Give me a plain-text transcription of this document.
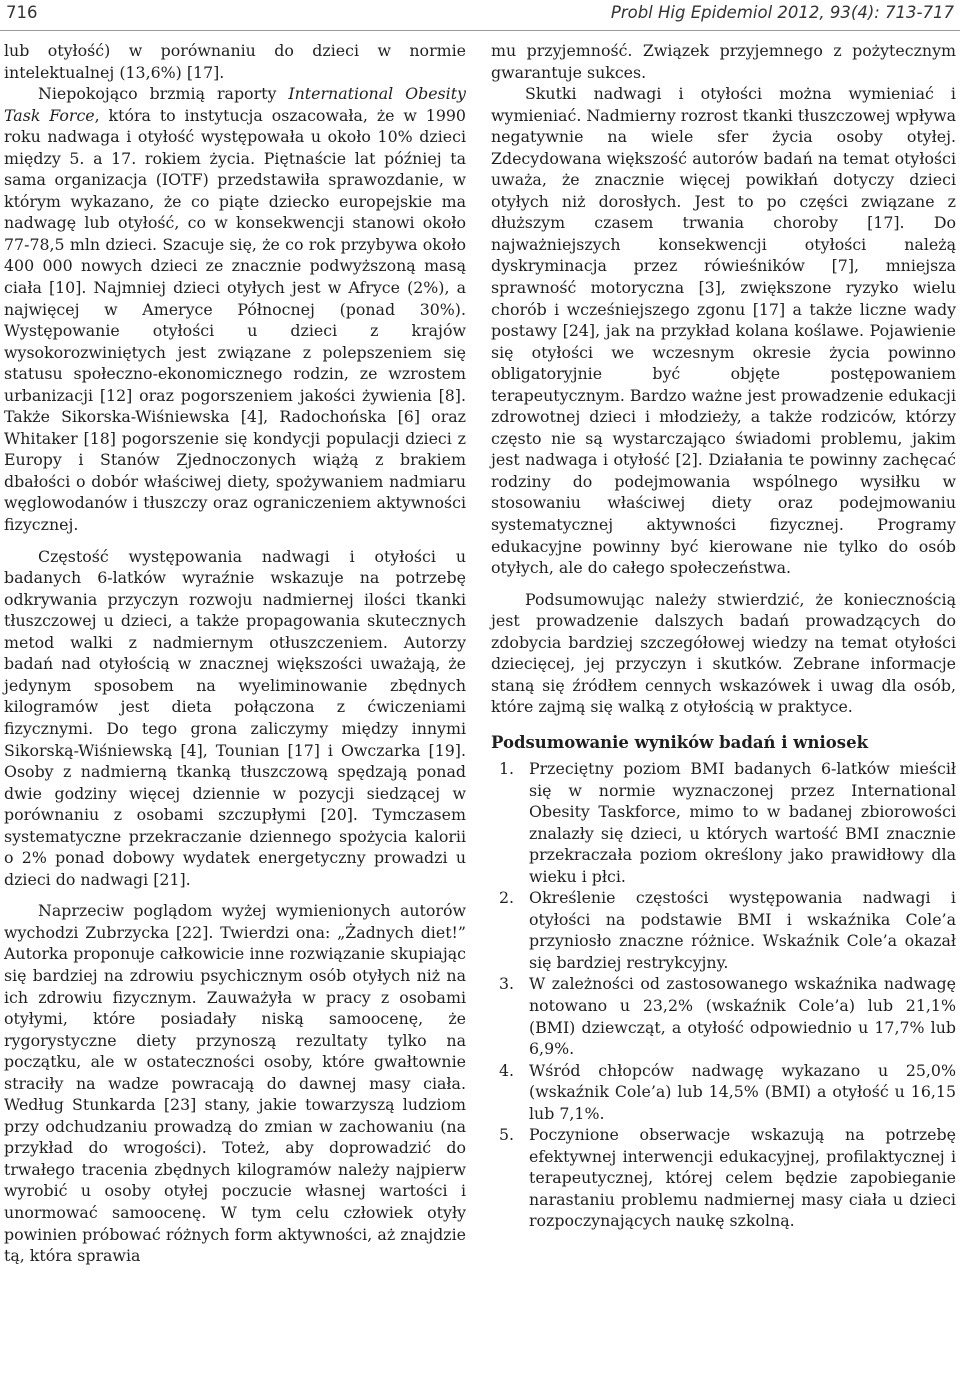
716	Probl Hig Epidemiol 2012, 93(4): 713-717

lub otyłość) w porównaniu do dzieci w normie intelektualnej (13,6%) [17].

Niepokojąco brzmią raporty International Obesity Task Force, która to instytucja oszacowała, że w 1990 roku nadwaga i otyłość występowała u około 10% dzieci między 5. a 17. rokiem życia. Piętnaście lat później ta sama organizacja (IOTF) przedstawiła sprawozdanie, w którym wykazano, że co piąte dziecko europejskie ma nadwagę lub otyłość, co w konsekwencji stanowi około 77-78,5 mln dzieci. Szacuje się, że co rok przybywa około 400 000 nowych dzieci ze znacznie podwyższoną masą ciała [10]. Najmniej dzieci otyłych jest w Afryce (2%), a najwięcej w Ameryce Północnej (ponad 30%). Występowanie otyłości u dzieci z krajów wysokorozwiniętych jest związane z polepszeniem się statusu społeczno-ekonomicznego rodzin, ze wzrostem urbanizacji [12] oraz pogorszeniem jakości żywienia [8]. Także Sikorska-Wiśniewska [4], Radochońska [6] oraz Whitaker [18] pogorszenie się kondycji populacji dzieci z Europy i Stanów Zjednoczonych wiążą z brakiem dbałości o dobór właściwej diety, spożywaniem nadmiaru węglowodanów i tłuszczy oraz ograniczeniem aktywności fizycznej.

Częstość występowania nadwagi i otyłości u badanych 6-latków wyraźnie wskazuje na potrzebę odkrywania przyczyn rozwoju nadmiernej ilości tkanki tłuszczowej u dzieci, a także propagowania skutecznych metod walki z nadmiernym otłuszczeniem. Autorzy badań nad otyłością w znacznej większości uważają, że jedynym sposobem na wyeliminowanie zbędnych kilogramów jest dieta połączona z ćwiczeniami fizycznymi. Do tego grona zaliczymy między innymi Sikorską-Wiśniewską [4], Tounian [17] i Owczarka [19]. Osoby z nadmierną tkanką tłuszczową spędzają ponad dwie godziny więcej dziennie w pozycji siedzącej w porównaniu z osobami szczupłymi [20]. Tymczasem systematyczne przekraczanie dziennego spożycia kalorii o 2% ponad dobowy wydatek energetyczny prowadzi u dzieci do nadwagi [21].

Naprzeciw poglądom wyżej wymienionych autorów wychodzi Zubrzycka [22]. Twierdzi ona: „Żadnych diet!” Autorka proponuje całkowicie inne rozwiązanie skupiając się bardziej na zdrowiu psychicznym osób otyłych niż na ich zdrowiu fizycznym. Zauważyła w pracy z osobami otyłymi, które posiadały niską samoocenę, że rygorystyczne diety przynoszą rezultaty tylko na początku, ale w ostateczności osoby, które gwałtownie straciły na wadze powracają do dawnej masy ciała. Według Stunkarda [23] stany, jakie towarzyszą ludziom przy odchudzaniu prowadzą do zmian w zachowaniu (na przykład do wrogości). Toteż, aby doprowadzić do trwałego tracenia zbędnych kilogramów należy najpierw wyrobić u osoby otyłej poczucie własnej wartości i unormować samoocenę. W tym celu człowiek otyły powinien próbować różnych form aktywności, aż znajdzie tą, która sprawia

mu przyjemność. Związek przyjemnego z pożytecznym gwarantuje sukces.

Skutki nadwagi i otyłości można wymieniać i wymieniać. Nadmierny rozrost tkanki tłuszczowej wpływa negatywnie na wiele sfer życia osoby otyłej. Zdecydowana większość autorów badań na temat otyłości uważa, że znacznie więcej powikłań dotyczy dzieci otyłych niż dorosłych. Jest to po części związane z dłuższym czasem trwania choroby [17]. Do najważniejszych konsekwencji otyłości należą dyskryminacja przez rówieśników [7], mniejsza sprawność motoryczna [3], zwiększone ryzyko wielu chorób i wcześniejszego zgonu [17] a także liczne wady postawy [24], jak na przykład kolana koślawe. Pojawienie się otyłości we wczesnym okresie życia powinno obligatoryjnie być objęte postępowaniem terapeutycznym. Bardzo ważne jest prowadzenie edukacji zdrowotnej dzieci i młodzieży, a także rodziców, którzy często nie są wystarczająco świadomi problemu, jakim jest nadwaga i otyłość [2]. Działania te powinny zachęcać rodziny do podejmowania wspólnego wysiłku w stosowaniu właściwej diety oraz podejmowaniu systematycznej aktywności fizycznej. Programy edukacyjne powinny być kierowane nie tylko do osób otyłych, ale do całego społeczeństwa.

Podsumowując należy stwierdzić, że koniecznością jest prowadzenie dalszych badań prowadzących do zdobycia bardziej szczegółowej wiedzy na temat otyłości dziecięcej, jej przyczyn i skutków. Zebrane informacje staną się źródłem cennych wskazówek i uwag dla osób, które zajmą się walką z otyłością w praktyce.

Podsumowanie wyników badań i wniosek
1. Przeciętny poziom BMI badanych 6-latków mieścił się w normie wyznaczonej przez International Obesity Taskforce, mimo to w badanej zbiorowości znalazły się dzieci, u których wartość BMI znacznie przekraczała poziom określony jako prawidłowy dla wieku i płci.
2. Określenie częstości występowania nadwagi i otyłości na podstawie BMI i wskaźnika Cole’a przyniosło znaczne różnice. Wskaźnik Cole’a okazał się bardziej restrykcyjny.
3. W zależności od zastosowanego wskaźnika nadwagę notowano u 23,2% (wskaźnik Cole’a) lub 21,1% (BMI) dziewcząt, a otyłość odpowiednio u 17,7% lub 6,9%.
4. Wśród chłopców nadwagę wykazano u 25,0% (wskaźnik Cole’a) lub 14,5% (BMI) a otyłość u 16,15 lub 7,1%.
5. Poczynione obserwacje wskazują na potrzebę efektywnej interwencji edukacyjnej, profilaktycznej i terapeutycznej, której celem będzie zapobieganie narastaniu problemu nadmiernej masy ciała u dzieci rozpoczynających naukę szkolną.
